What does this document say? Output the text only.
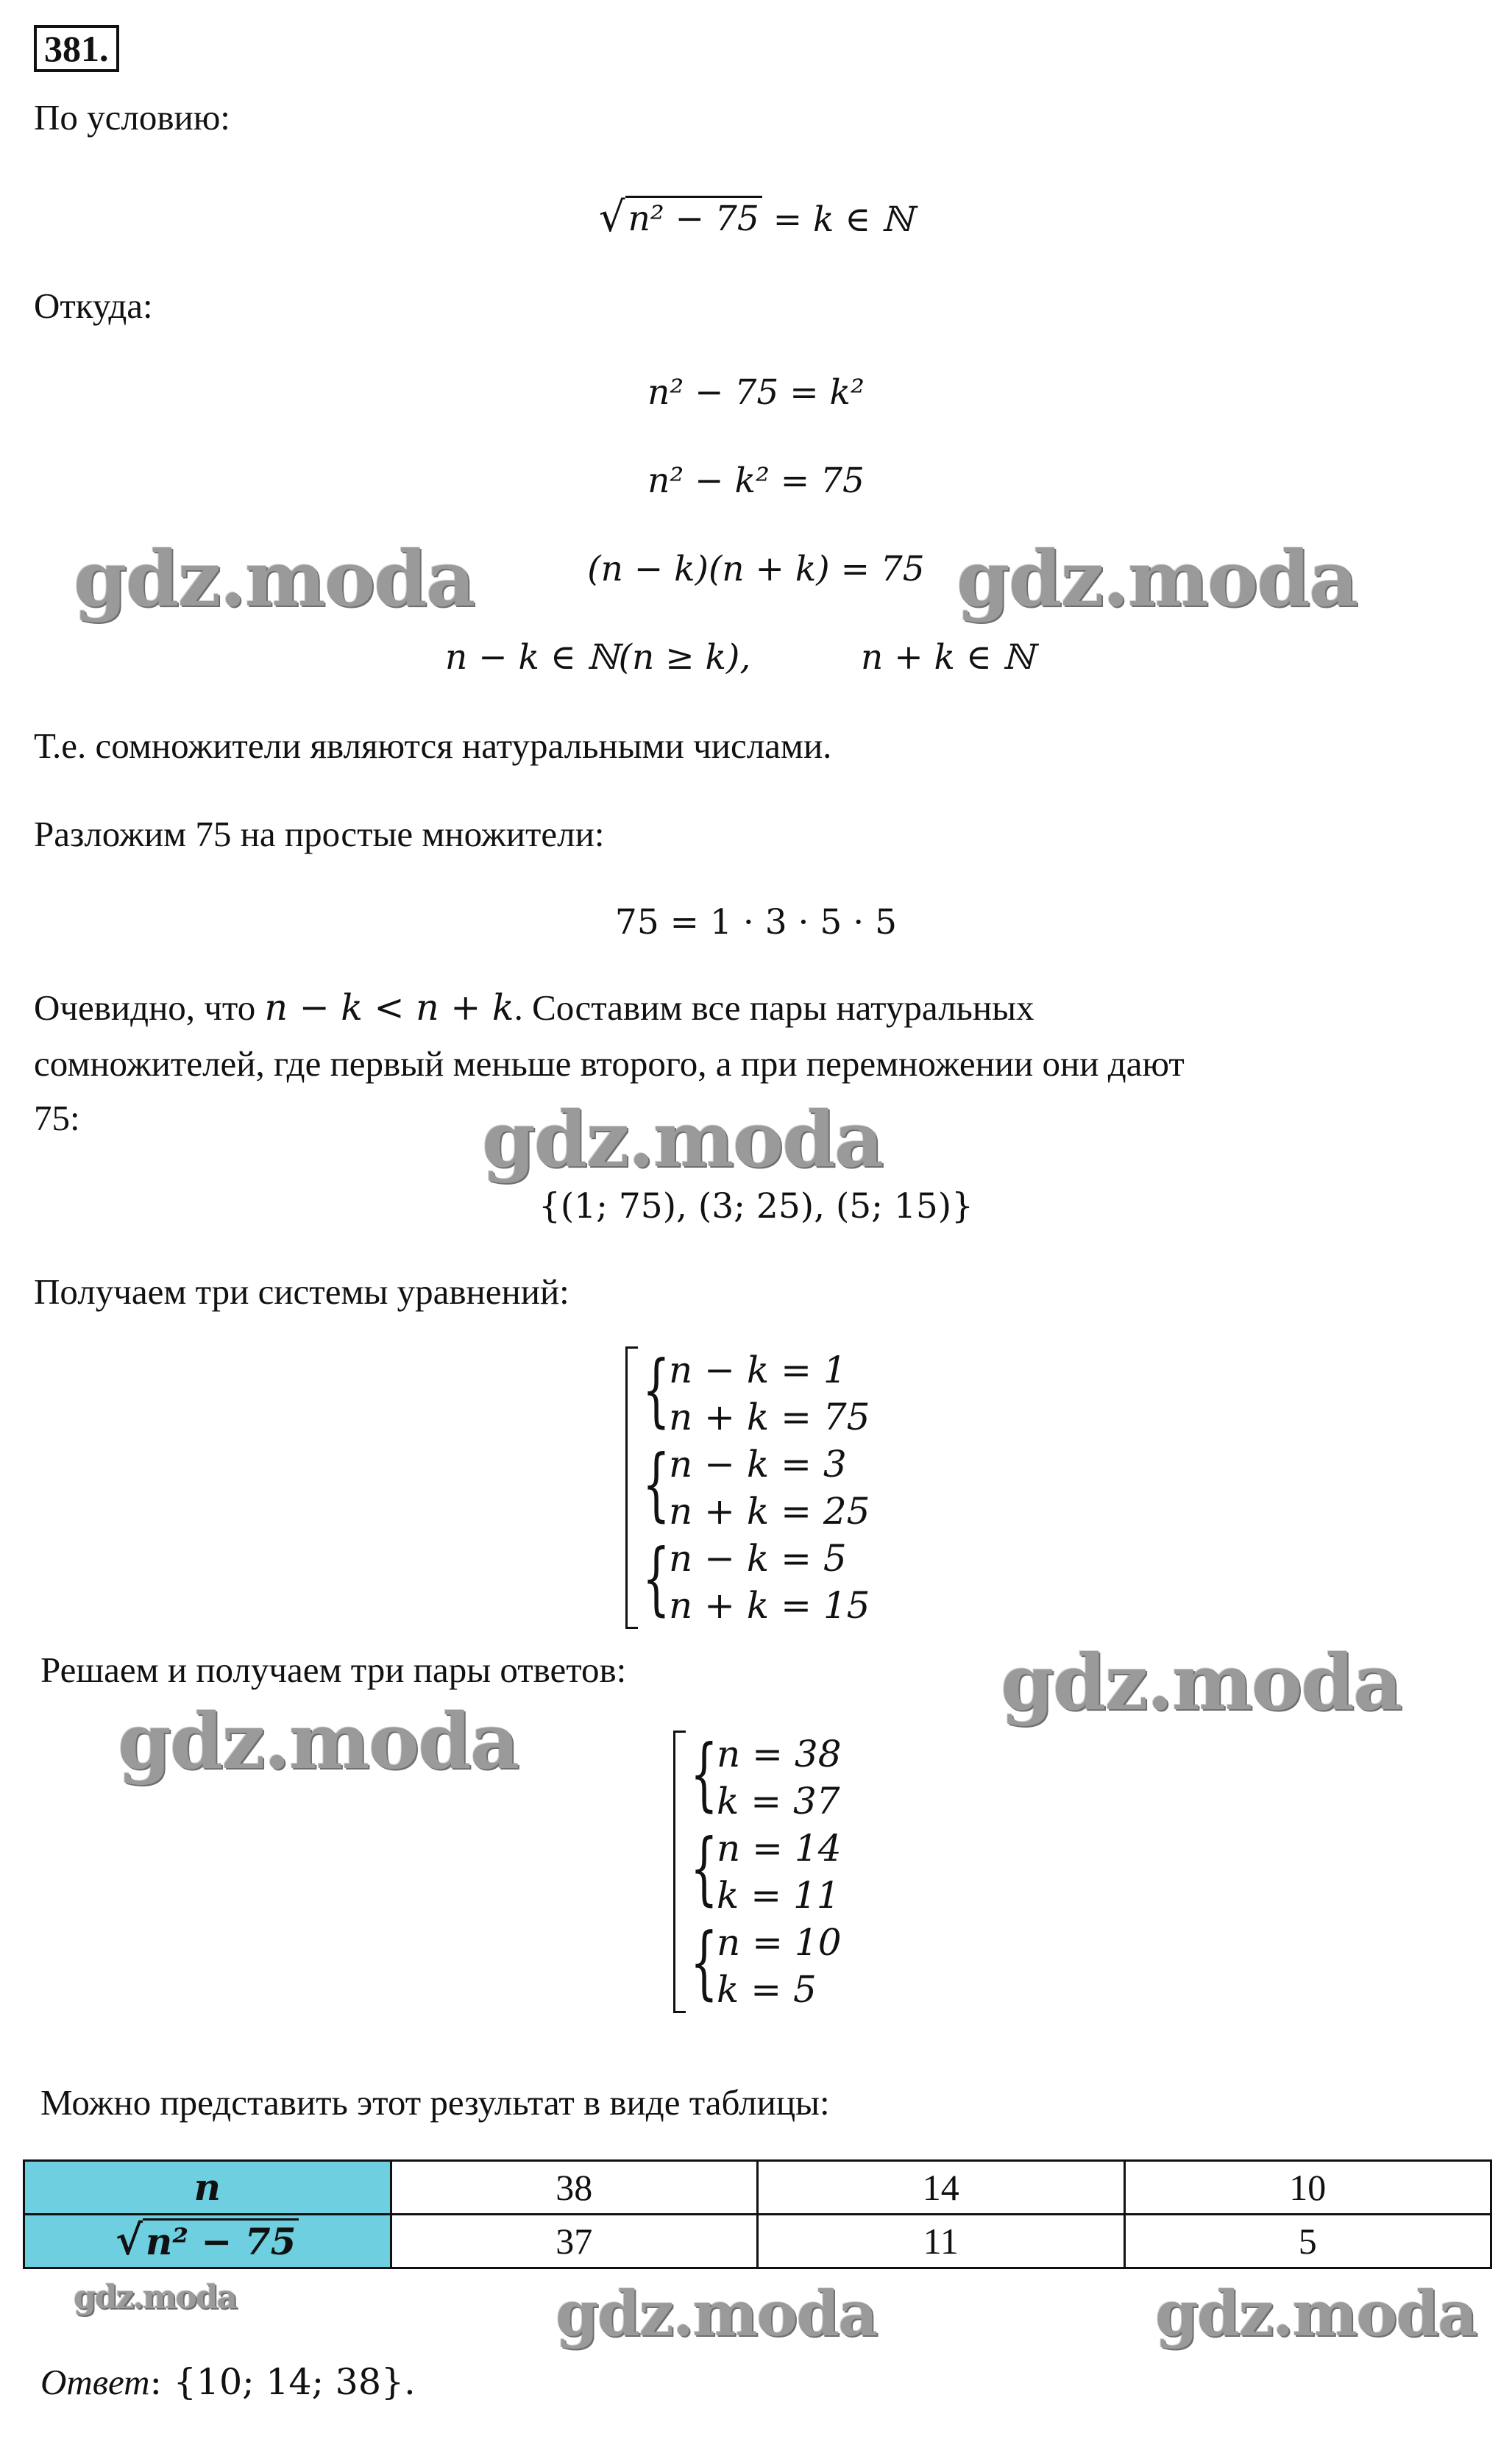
381.
По условию:
√ n² − 75 = k ∈ ℕ
Откуда:
n² − 75 = k²
n² − k² = 75
(n − k)(n + k) = 75
n − k ∈ ℕ(n ≥ k),	n + k ∈ ℕ
gdz.moda	gdz.moda
Т.е. сомножители являются натуральными числами.
Разложим 75 на простые множители:
75 = 1 · 3 · 5 · 5
Очевидно, что n − k < n + k. Составим все пары натуральных
сомножителей, где первый меньше второго, а при перемножении они дают
75:	gdz.moda
{(1; 75), (3; 25), (5; 15)}
Получаем три системы уравнений:
{
n − k = 1
n + k = 75
{
n − k = 3
n + k = 25
{
n − k = 5
n + k = 15
Решаем и получаем три пары ответов:	gdz.moda
gdz.moda {
n = 38
k = 37
{
n = 14
k = 11
{
n = 10
k = 5
Можно представить этот результат в виде таблицы:
n	38	14	10

√ n² − 75	37	11	5
gdz.moda	gdz.moda	gdz.moda
Ответ: {10; 14; 38}.
